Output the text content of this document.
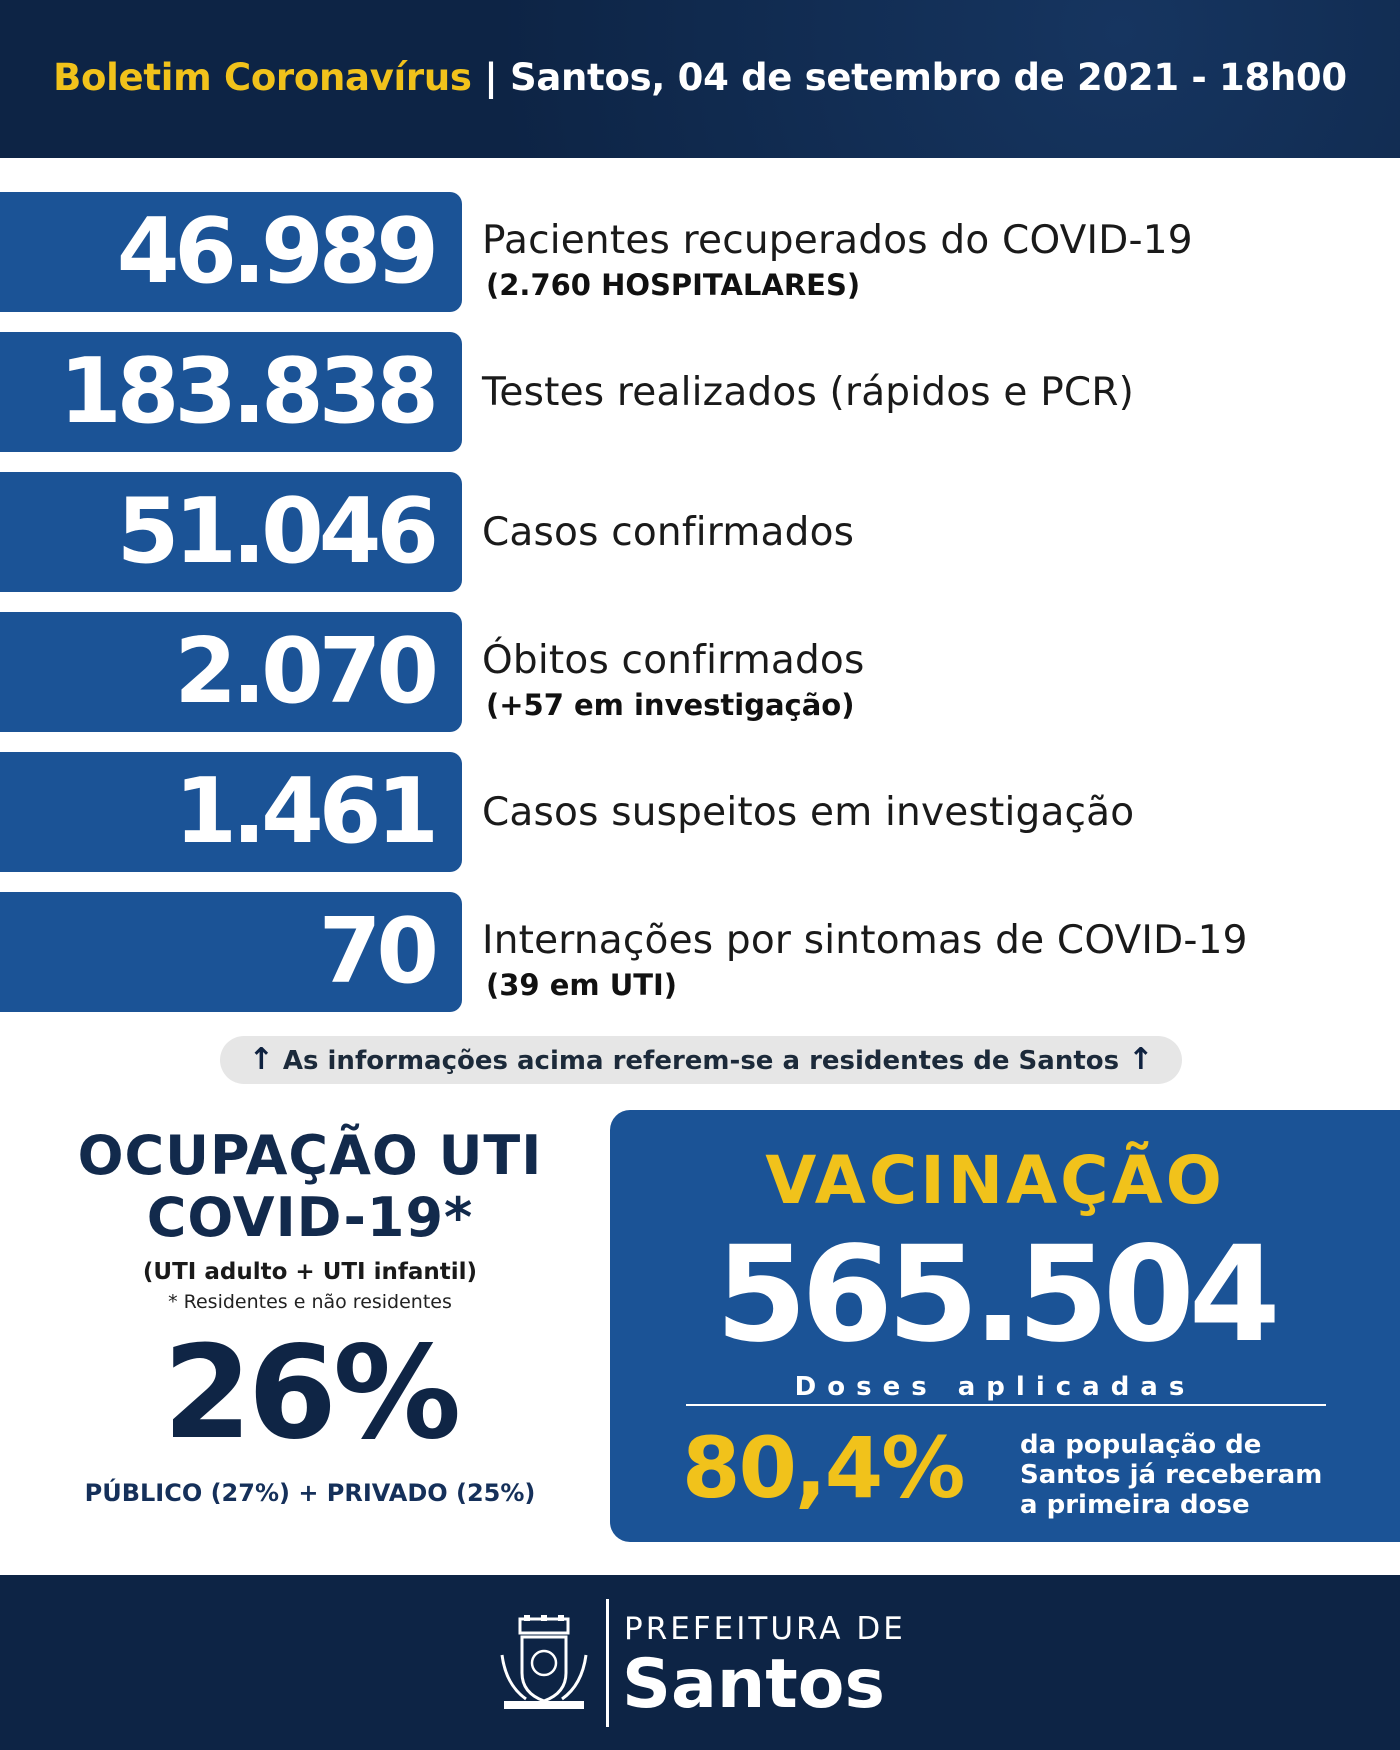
Boletim Coronavírus | Santos, 04 de setembro de 2021 - 18h00
46.989 Pacientes recuperados do COVID-19
(2.760 HOSPITALARES)
183.838 Testes realizados (rápidos e PCR)
51.046 Casos confirmados
2.070 Óbitos confirmados
(+57 em investigação)
1.461 Casos suspeitos em investigação
70 Internações por sintomas de COVID-19
(39 em UTI)
↑ As informações acima referem-se a residentes de Santos ↑
OCUPAÇÃO UTI
COVID-19*
(UTI adulto + UTI infantil)
* Residentes e não residentes
26%
PÚBLICO (27%) + PRIVADO (25%)
VACINAÇÃO
565.504
Doses aplicadas
80,4% da população de
Santos já receberam
a primeira dose
PREFEITURA DE
Santos
